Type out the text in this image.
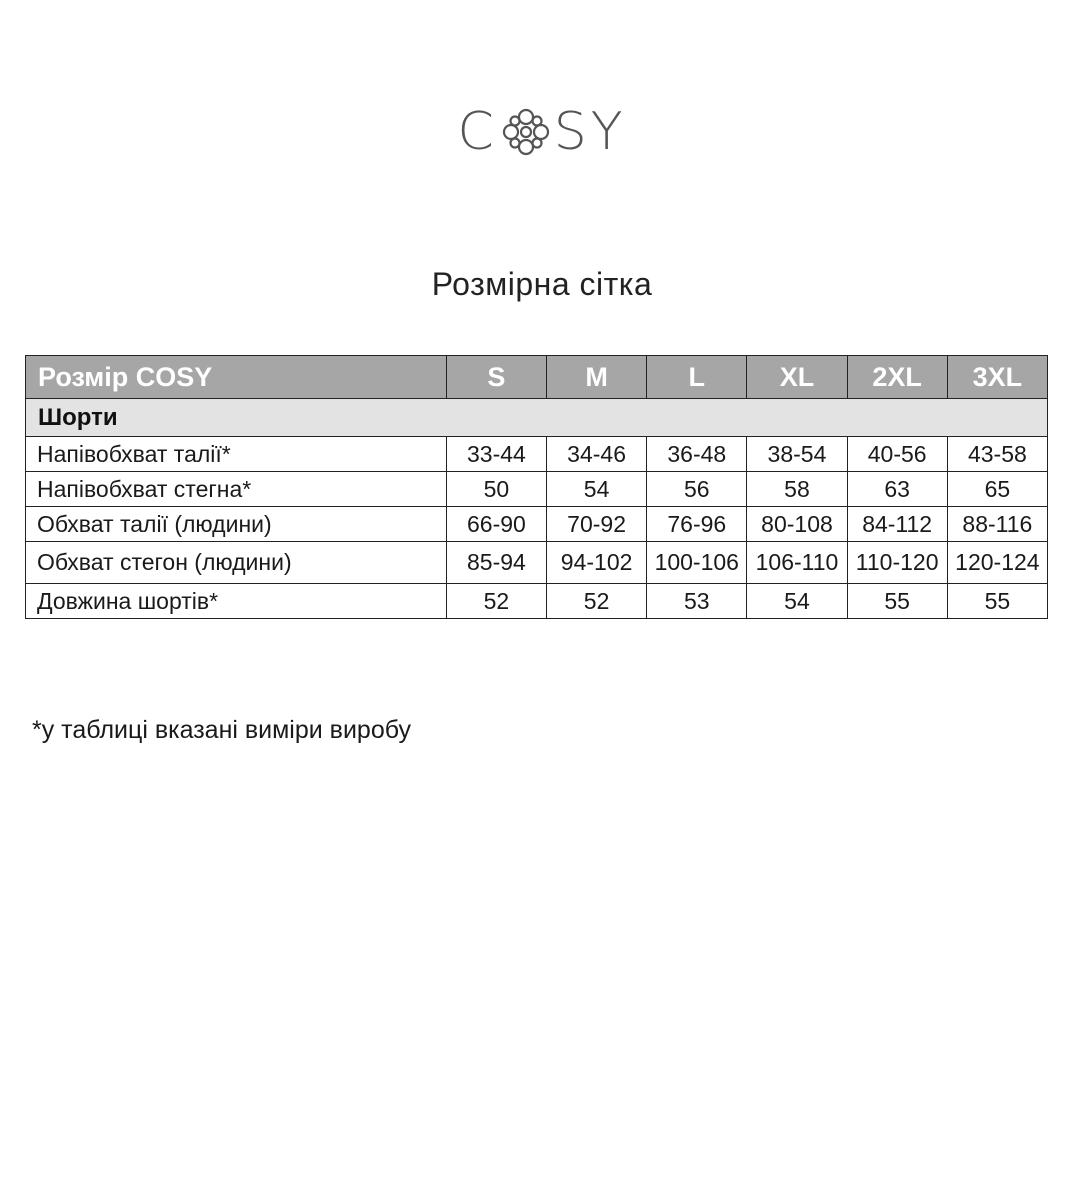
C SY
Розмірна сітка
Розмір COSY	S	M	L	XL	2XL	3XL
Шорти						
Напівобхват талії*	33-44	34-46	36-48	38-54	40-56	43-58
Напівобхват стегна*	50	54	56	58	63	65
Обхват талії (людини)	66-90	70-92	76-96	80-108	84-112	88-116
Обхват стегон (людини)	85-94	94-102	100-106	106-110	110-120	120-124
Довжина шортів*	52	52	53	54	55	55
*у таблиці вказані виміри виробу
